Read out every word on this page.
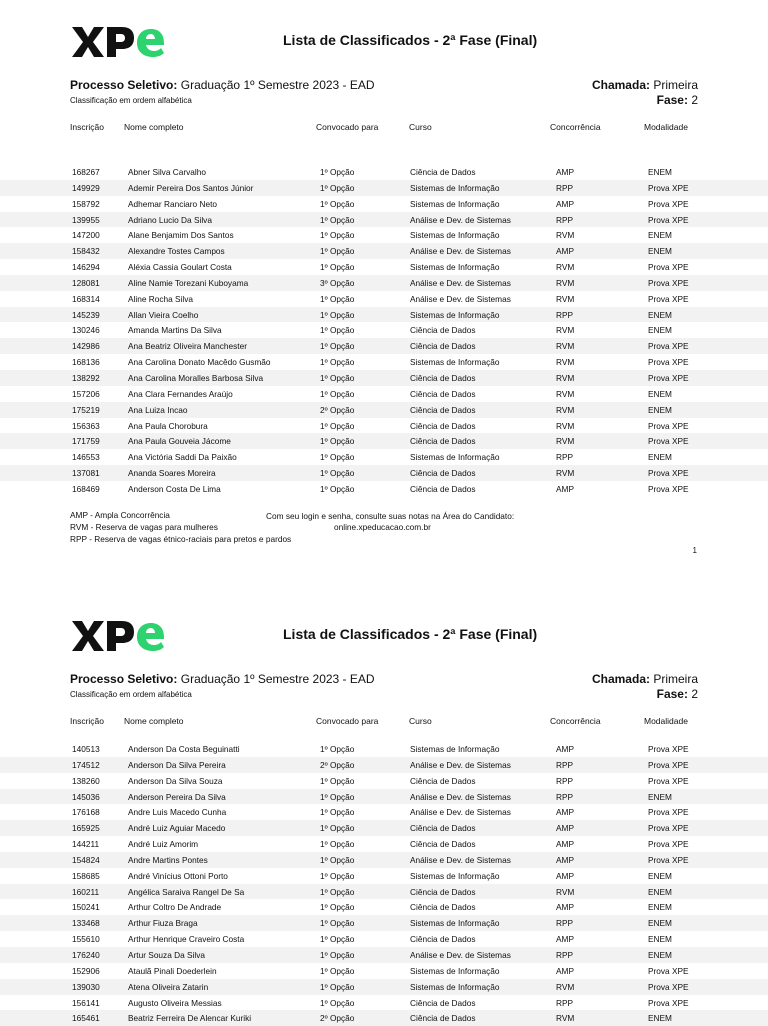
Lista de Classificados - 2ª Fase (Final)
Processo Seletivo: Graduação 1º Semestre 2023 - EAD
Classificação em ordem alfabética
Chamada: Primeira
Fase: 2
Inscrição Nome completo	Convocado para	Curso	Concorrência	Modalidade
168267	Abner Silva Carvalho	1º Opção	Ciência de Dados	AMP	ENEM
149929	Ademir Pereira Dos Santos Júnior	1º Opção	Sistemas de Informação	RPP	Prova XPE
158792	Adhemar Ranciaro Neto	1º Opção	Sistemas de Informação	AMP	Prova XPE
139955	Adriano Lucio Da Silva	1º Opção	Análise e Dev. de Sistemas	RPP	Prova XPE
147200	Alane Benjamim Dos Santos	1º Opção	Sistemas de Informação	RVM	ENEM
158432	Alexandre Tostes Campos	1º Opção	Análise e Dev. de Sistemas	AMP	ENEM
146294	Aléxia Cassia Goulart Costa	1º Opção	Sistemas de Informação	RVM	Prova XPE
128081	Aline Namie Torezani Kuboyama	3º Opção	Análise e Dev. de Sistemas	RVM	Prova XPE
168314	Aline Rocha Silva	1º Opção	Análise e Dev. de Sistemas	RVM	Prova XPE
145239	Allan Vieira Coelho	1º Opção	Sistemas de Informação	RPP	ENEM
130246	Amanda Martins Da Silva	1º Opção	Ciência de Dados	RVM	ENEM
142986	Ana Beatriz Oliveira Manchester	1º Opção	Ciência de Dados	RVM	Prova XPE
168136	Ana Carolina Donato Macêdo Gusmão	1º Opção	Sistemas de Informação	RVM	Prova XPE
138292	Ana Carolina Moralles Barbosa Silva	1º Opção	Ciência de Dados	RVM	Prova XPE
157206	Ana Clara Fernandes Araújo	1º Opção	Ciência de Dados	RVM	ENEM
175219	Ana Luiza Incao	2º Opção	Ciência de Dados	RVM	ENEM
156363	Ana Paula Chorobura	1º Opção	Ciência de Dados	RVM	Prova XPE
171759	Ana Paula Gouveia Jácome	1º Opção	Ciência de Dados	RVM	Prova XPE
146553	Ana Victória Saddi Da Paixão	1º Opção	Sistemas de Informação	RPP	ENEM
137081	Ananda Soares Moreira	1º Opção	Ciência de Dados	RVM	Prova XPE
168469	Anderson Costa De Lima	1º Opção	Ciência de Dados	AMP	Prova XPE
AMP - Ampla Concorrência
RVM - Reserva de vagas para mulheres
RPP - Reserva de vagas étnico-raciais para pretos e pardos
Com seu login e senha, consulte suas notas na Área do Candidato:
online.xpeducacao.com.br
1
Lista de Classificados - 2ª Fase (Final)
Processo Seletivo: Graduação 1º Semestre 2023 - EAD
Classificação em ordem alfabética
Chamada: Primeira
Fase: 2
Inscrição Nome completo	Convocado para	Curso	Concorrência	Modalidade
140513	Anderson Da Costa Beguinatti	1º Opção	Sistemas de Informação	AMP	Prova XPE
174512	Anderson Da Silva Pereira	2º Opção	Análise e Dev. de Sistemas	RPP	Prova XPE
138260	Anderson Da Silva Souza	1º Opção	Ciência de Dados	RPP	Prova XPE
145036	Anderson Pereira Da Silva	1º Opção	Análise e Dev. de Sistemas	RPP	ENEM
176168	Andre Luis Macedo Cunha	1º Opção	Análise e Dev. de Sistemas	AMP	Prova XPE
165925	André Luiz Aguiar Macedo	1º Opção	Ciência de Dados	AMP	Prova XPE
144211	André Luiz Amorim	1º Opção	Ciência de Dados	AMP	Prova XPE
154824	Andre Martins Pontes	1º Opção	Análise e Dev. de Sistemas	AMP	Prova XPE
158685	André Vinícius Ottoni Porto	1º Opção	Sistemas de Informação	AMP	ENEM
160211	Angélica Saraiva Rangel De Sa	1º Opção	Ciência de Dados	RVM	ENEM
150241	Arthur Coltro De Andrade	1º Opção	Ciência de Dados	AMP	ENEM
133468	Arthur Fiuza Braga	1º Opção	Sistemas de Informação	RPP	ENEM
155610	Arthur Henrique Craveiro Costa	1º Opção	Ciência de Dados	AMP	ENEM
176240	Artur Souza Da Silva	1º Opção	Análise e Dev. de Sistemas	RPP	ENEM
152906	Ataulã Pinali Doederlein	1º Opção	Sistemas de Informação	AMP	Prova XPE
139030	Atena Oliveira Zatarin	1º Opção	Sistemas de Informação	RVM	Prova XPE
156141	Augusto Oliveira Messias	1º Opção	Ciência de Dados	RPP	Prova XPE
165461	Beatriz Ferreira De Alencar Kuriki	2º Opção	Ciência de Dados	RVM	ENEM
